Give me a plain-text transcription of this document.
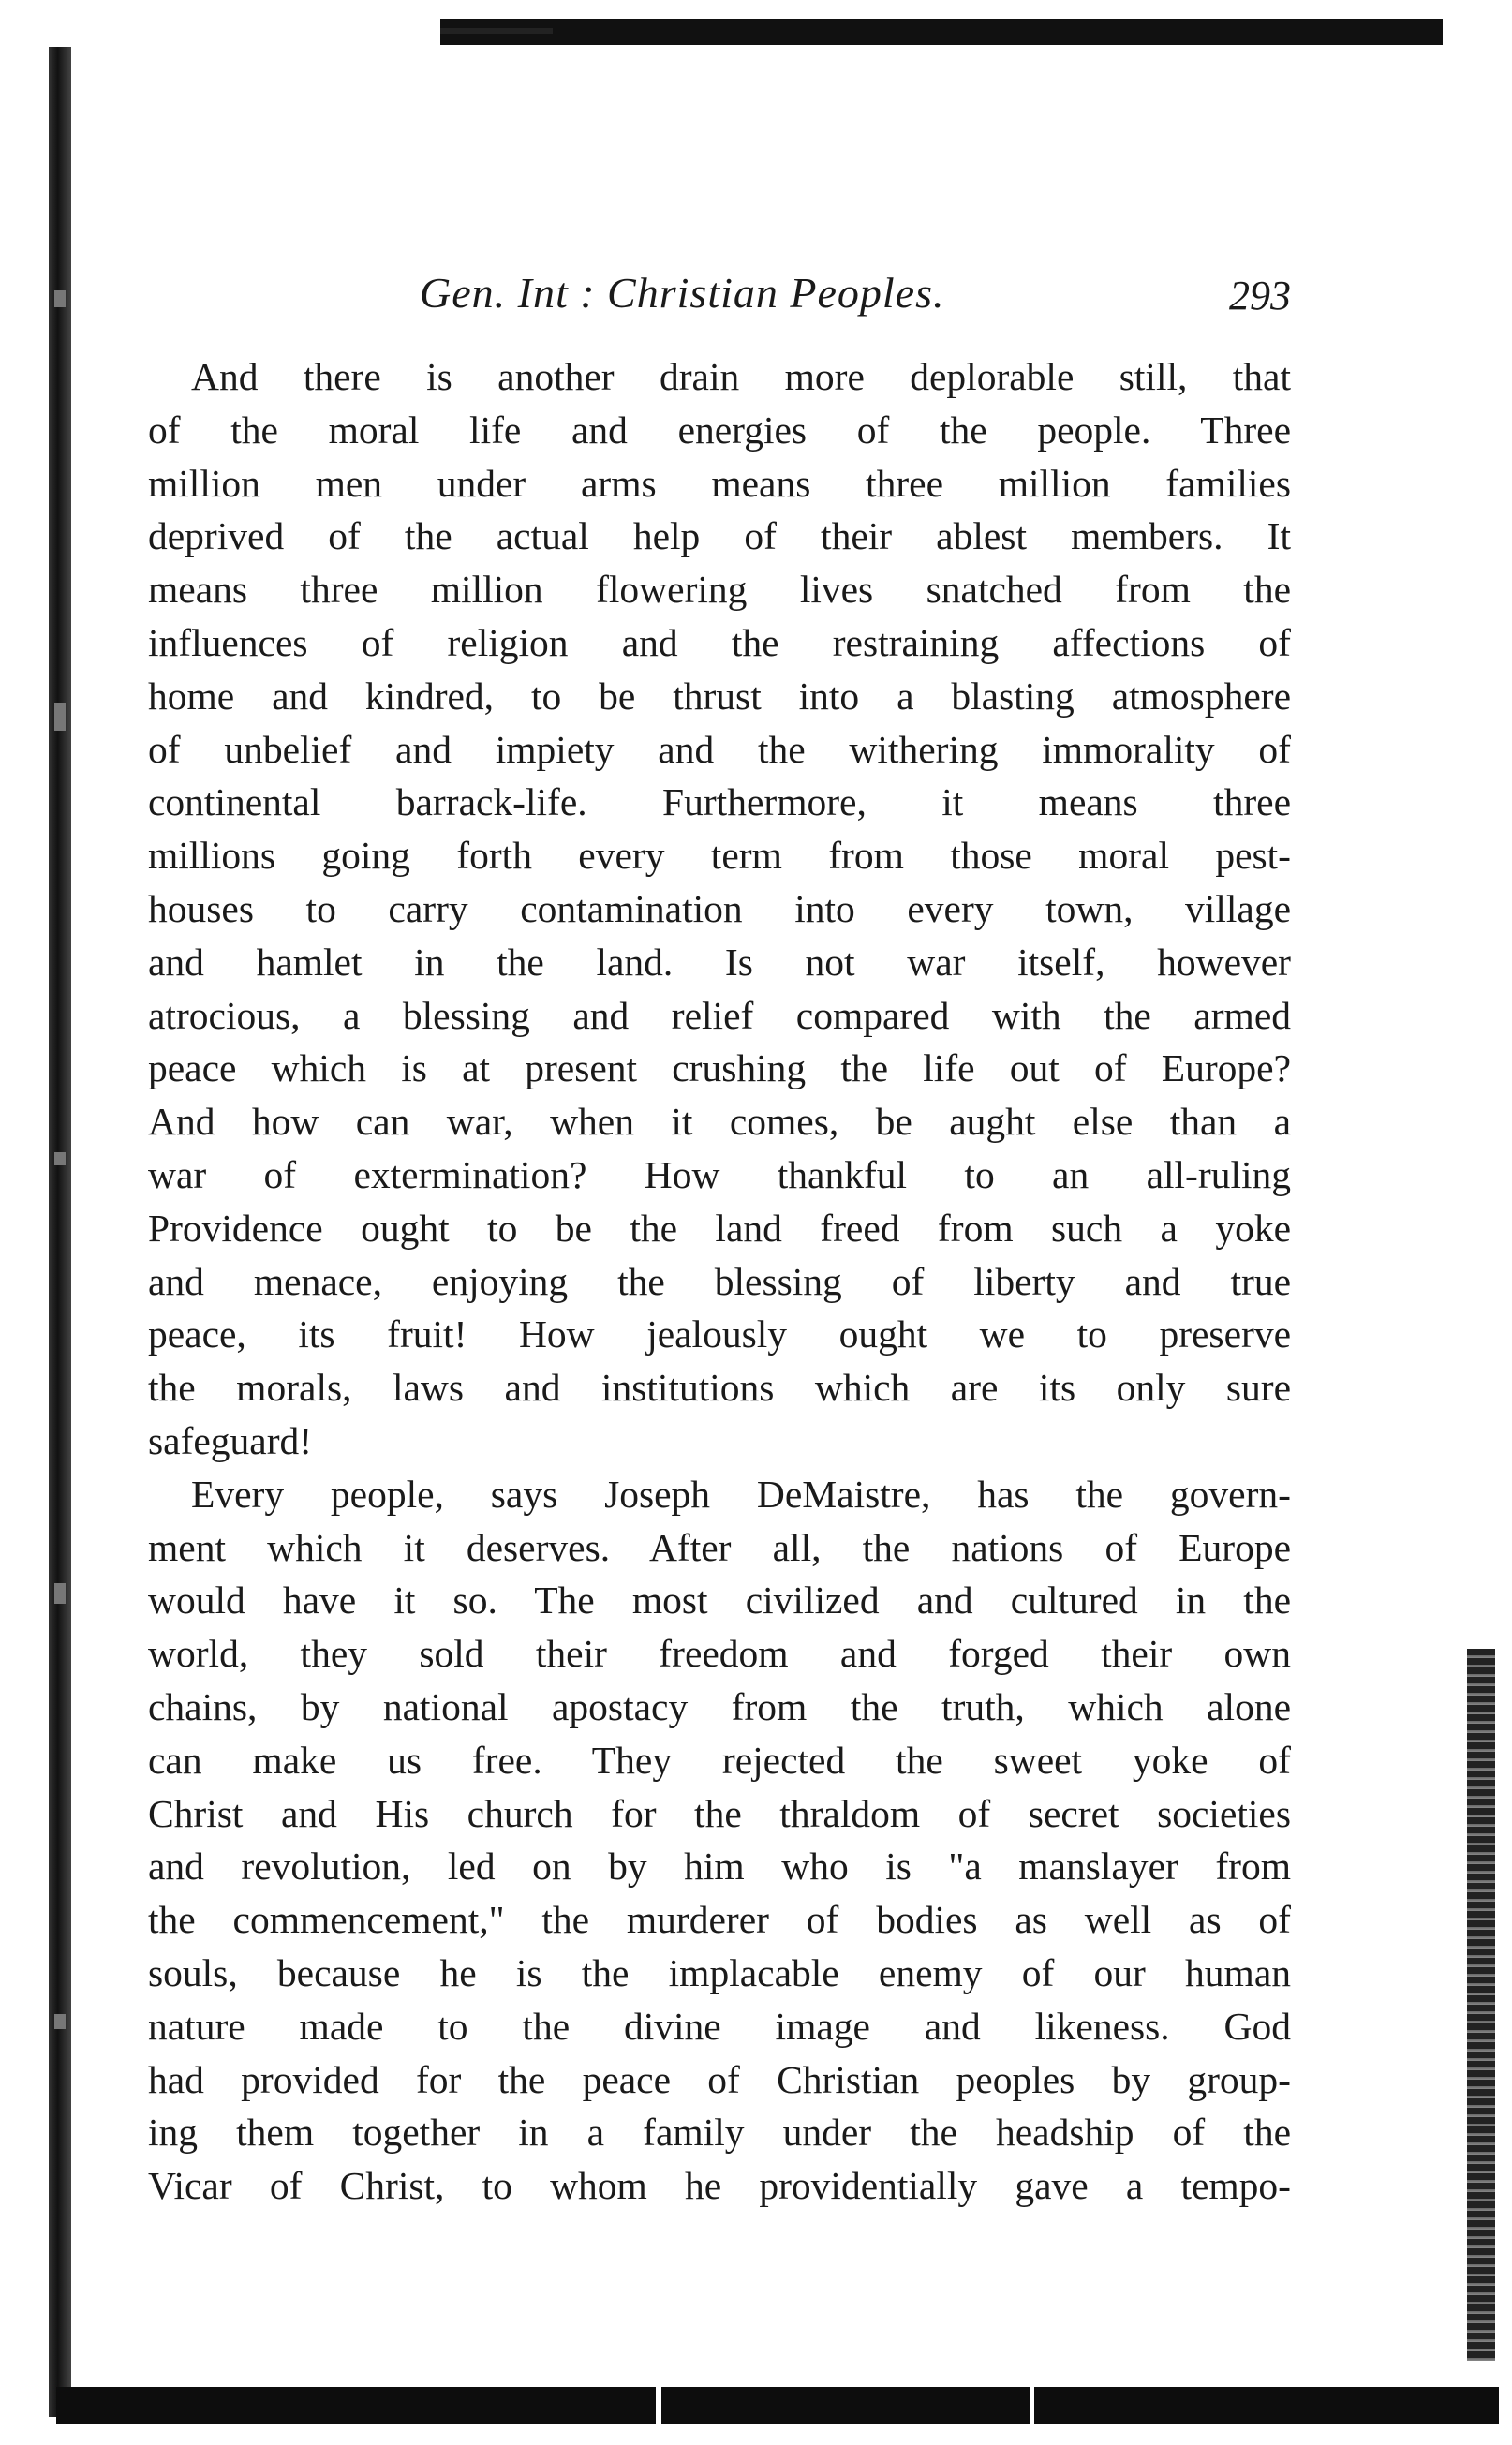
Gen. Int : Christian Peoples.	293
And there is another drain more deplorable still, that
of the moral life and energies of the people. Three
million men under arms means three million families
deprived of the actual help of their ablest members. It
means three million flowering lives snatched from the
influences of religion and the restraining affections of
home and kindred, to be thrust into a blasting atmosphere
of unbelief and impiety and the withering immorality of
continental barrack-life. Furthermore, it means three
millions going forth every term from those moral pest-
houses to carry contamination into every town, village
and hamlet in the land. Is not war itself, however
atrocious, a blessing and relief compared with the armed
peace which is at present crushing the life out of Europe?
And how can war, when it comes, be aught else than a
war of extermination? How thankful to an all-ruling
Providence ought to be the land freed from such a yoke
and menace, enjoying the blessing of liberty and true
peace, its fruit! How jealously ought we to preserve
the morals, laws and institutions which are its only sure
safeguard!
Every people, says Joseph DeMaistre, has the govern-
ment which it deserves. After all, the nations of Europe
would have it so. The most civilized and cultured in the
world, they sold their freedom and forged their own
chains, by national apostacy from the truth, which alone
can make us free. They rejected the sweet yoke of
Christ and His church for the thraldom of secret societies
and revolution, led on by him who is "a manslayer from
the commencement," the murderer of bodies as well as of
souls, because he is the implacable enemy of our human
nature made to the divine image and likeness. God
had provided for the peace of Christian peoples by group-
ing them together in a family under the headship of the
Vicar of Christ, to whom he providentially gave a tempo-
